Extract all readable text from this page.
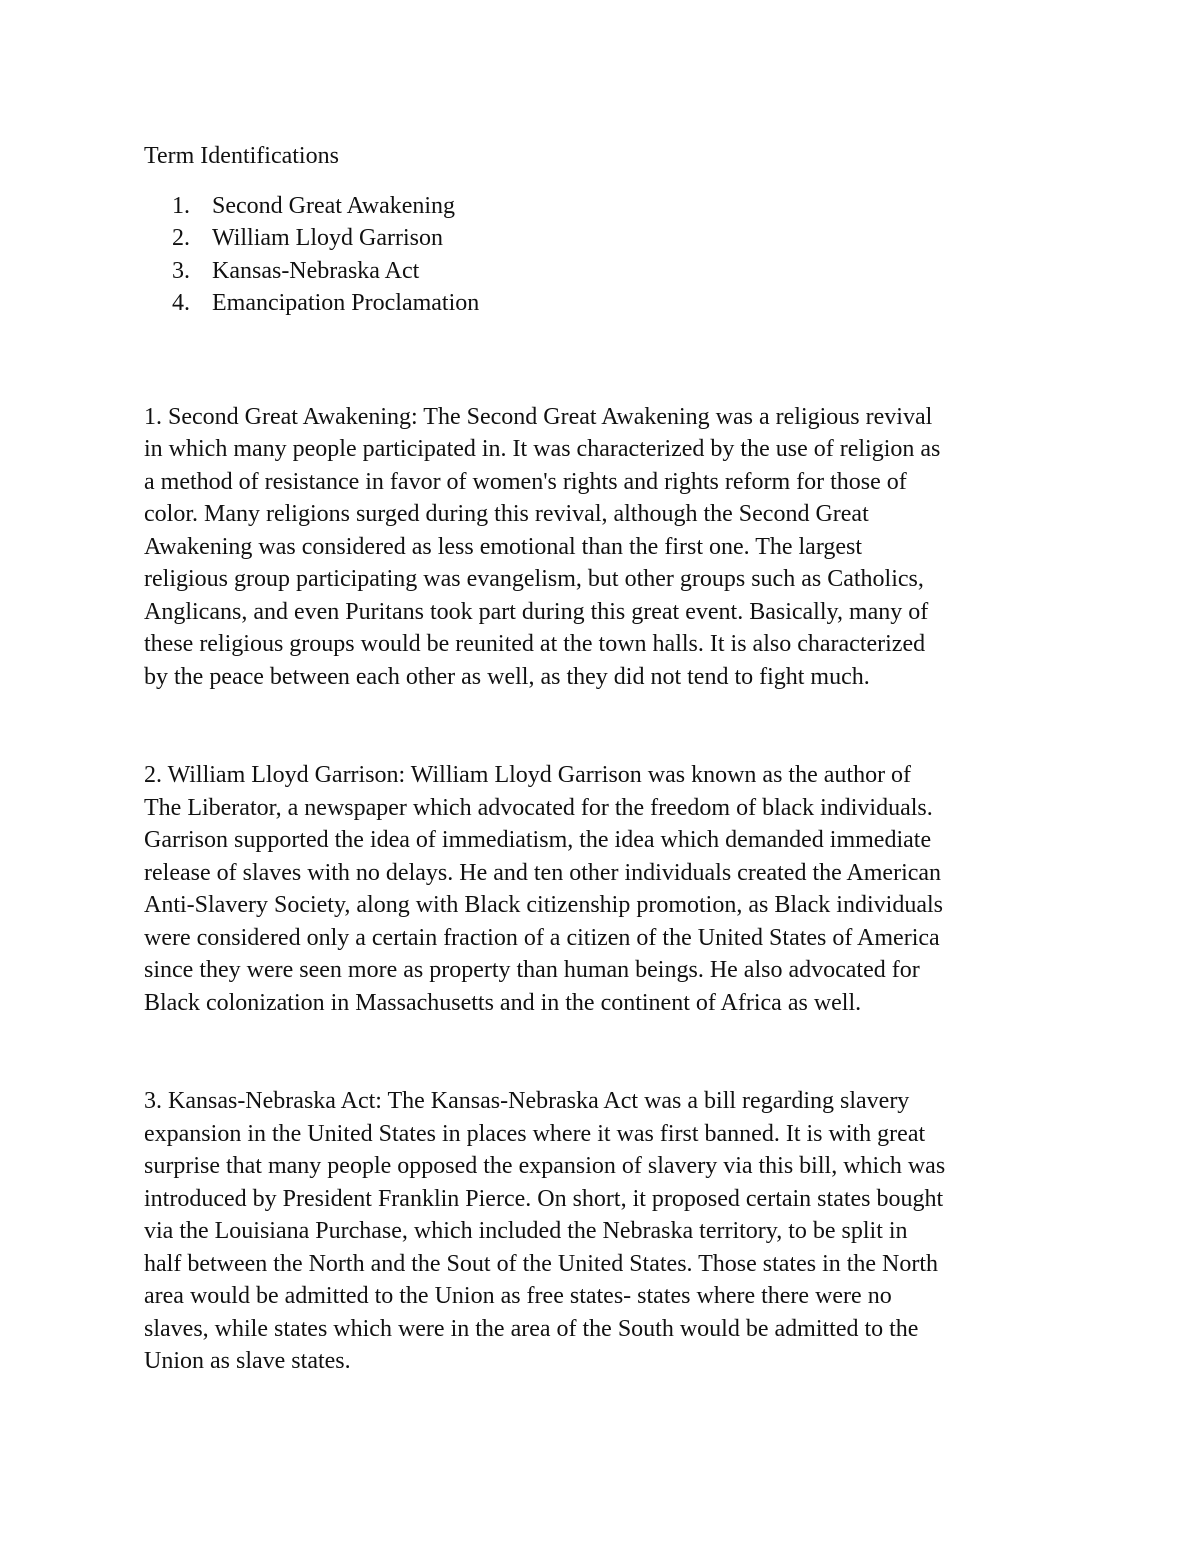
Term Identifications

1. Second Great Awakening
2. William Lloyd Garrison
3. Kansas-Nebraska Act
4. Emancipation Proclamation

1. Second Great Awakening: The Second Great Awakening was a religious revival
in which many people participated in. It was characterized by the use of religion as
a method of resistance in favor of women's rights and rights reform for those of
color. Many religions surged during this revival, although the Second Great
Awakening was considered as less emotional than the first one. The largest
religious group participating was evangelism, but other groups such as Catholics,
Anglicans, and even Puritans took part during this great event. Basically, many of
these religious groups would be reunited at the town halls. It is also characterized
by the peace between each other as well, as they did not tend to fight much.

2. William Lloyd Garrison: William Lloyd Garrison was known as the author of
The Liberator, a newspaper which advocated for the freedom of black individuals.
Garrison supported the idea of immediatism, the idea which demanded immediate
release of slaves with no delays. He and ten other individuals created the American
Anti-Slavery Society, along with Black citizenship promotion, as Black individuals
were considered only a certain fraction of a citizen of the United States of America
since they were seen more as property than human beings. He also advocated for
Black colonization in Massachusetts and in the continent of Africa as well.

3. Kansas-Nebraska Act: The Kansas-Nebraska Act was a bill regarding slavery
expansion in the United States in places where it was first banned. It is with great
surprise that many people opposed the expansion of slavery via this bill, which was
introduced by President Franklin Pierce. On short, it proposed certain states bought
via the Louisiana Purchase, which included the Nebraska territory, to be split in
half between the North and the Sout of the United States. Those states in the North
area would be admitted to the Union as free states- states where there were no
slaves, while states which were in the area of the South would be admitted to the
Union as slave states.
